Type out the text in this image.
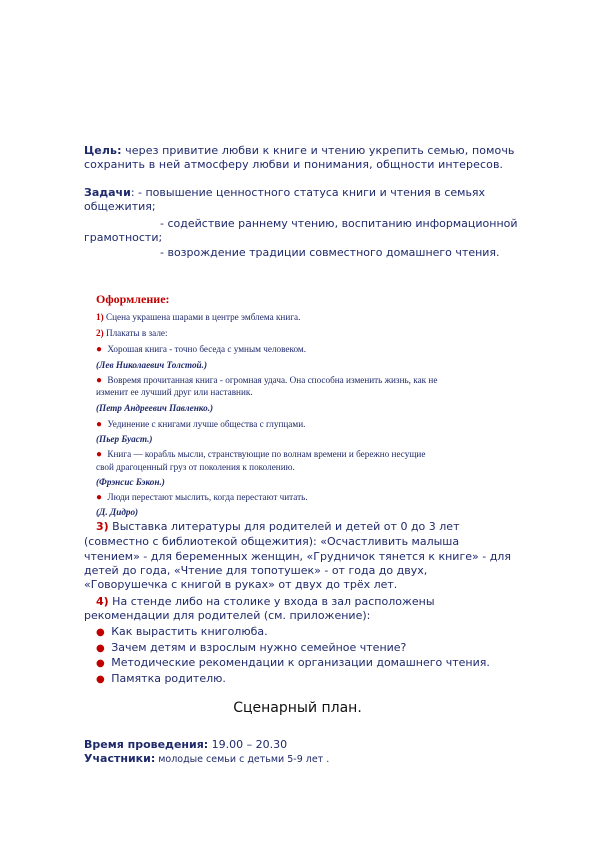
Цель: через привитие любви к книге и чтению укрепить семью, помочь сохранить в ней атмосферу любви и понимания, общности интересов.
Задачи: - повышение ценностного статуса книги и чтения в семьях
общежития;
- содействие раннему чтению, воспитанию информационной
грамотности;
- возрождение традиции совместного домашнего чтения.
Оформление:
1) Сцена украшена шарами в центре эмблема книга.
2) Плакаты в зале:
● Хорошая книга - точно беседа с умным человеком.
(Лев Николаевич Толстой.)
● Вовремя прочитанная книга - огромная удача. Она способна изменить жизнь, как не
изменит ее лучший друг или наставник.
(Петр Андреевич Павленко.)
● Уединение с книгами лучше общества с глупцами.
(Пьер Буаст.)
● Книга — корабль мысли, странствующие по волнам времени и бережно несущие
свой драгоценный груз от поколения к поколению.
(Фрэнсис Бэкон.)
● Люди перестают мыслить, когда перестают читать.
(Д. Дидро)
3) Выставка литературы для родителей и детей от 0 до 3 лет
(совместно с библиотекой общежития): «Осчастливить малыша
чтением» - для беременных женщин, «Грудничок тянется к книге» - для
детей до года, «Чтение для топотушек» - от года до двух,
«Говорушечка с книгой в руках» от двух до трёх лет.
4) На стенде либо на столике у входа в зал расположены
рекомендации для родителей (см. приложение):
● Как вырастить книголюба.
● Зачем детям и взрослым нужно семейное чтение?
● Методические рекомендации к организации домашнего чтения.
● Памятка родителю.
Сценарный план.
Время проведения: 19.00 – 20.30
Участники: молодые семьи с детьми 5-9 лет .
